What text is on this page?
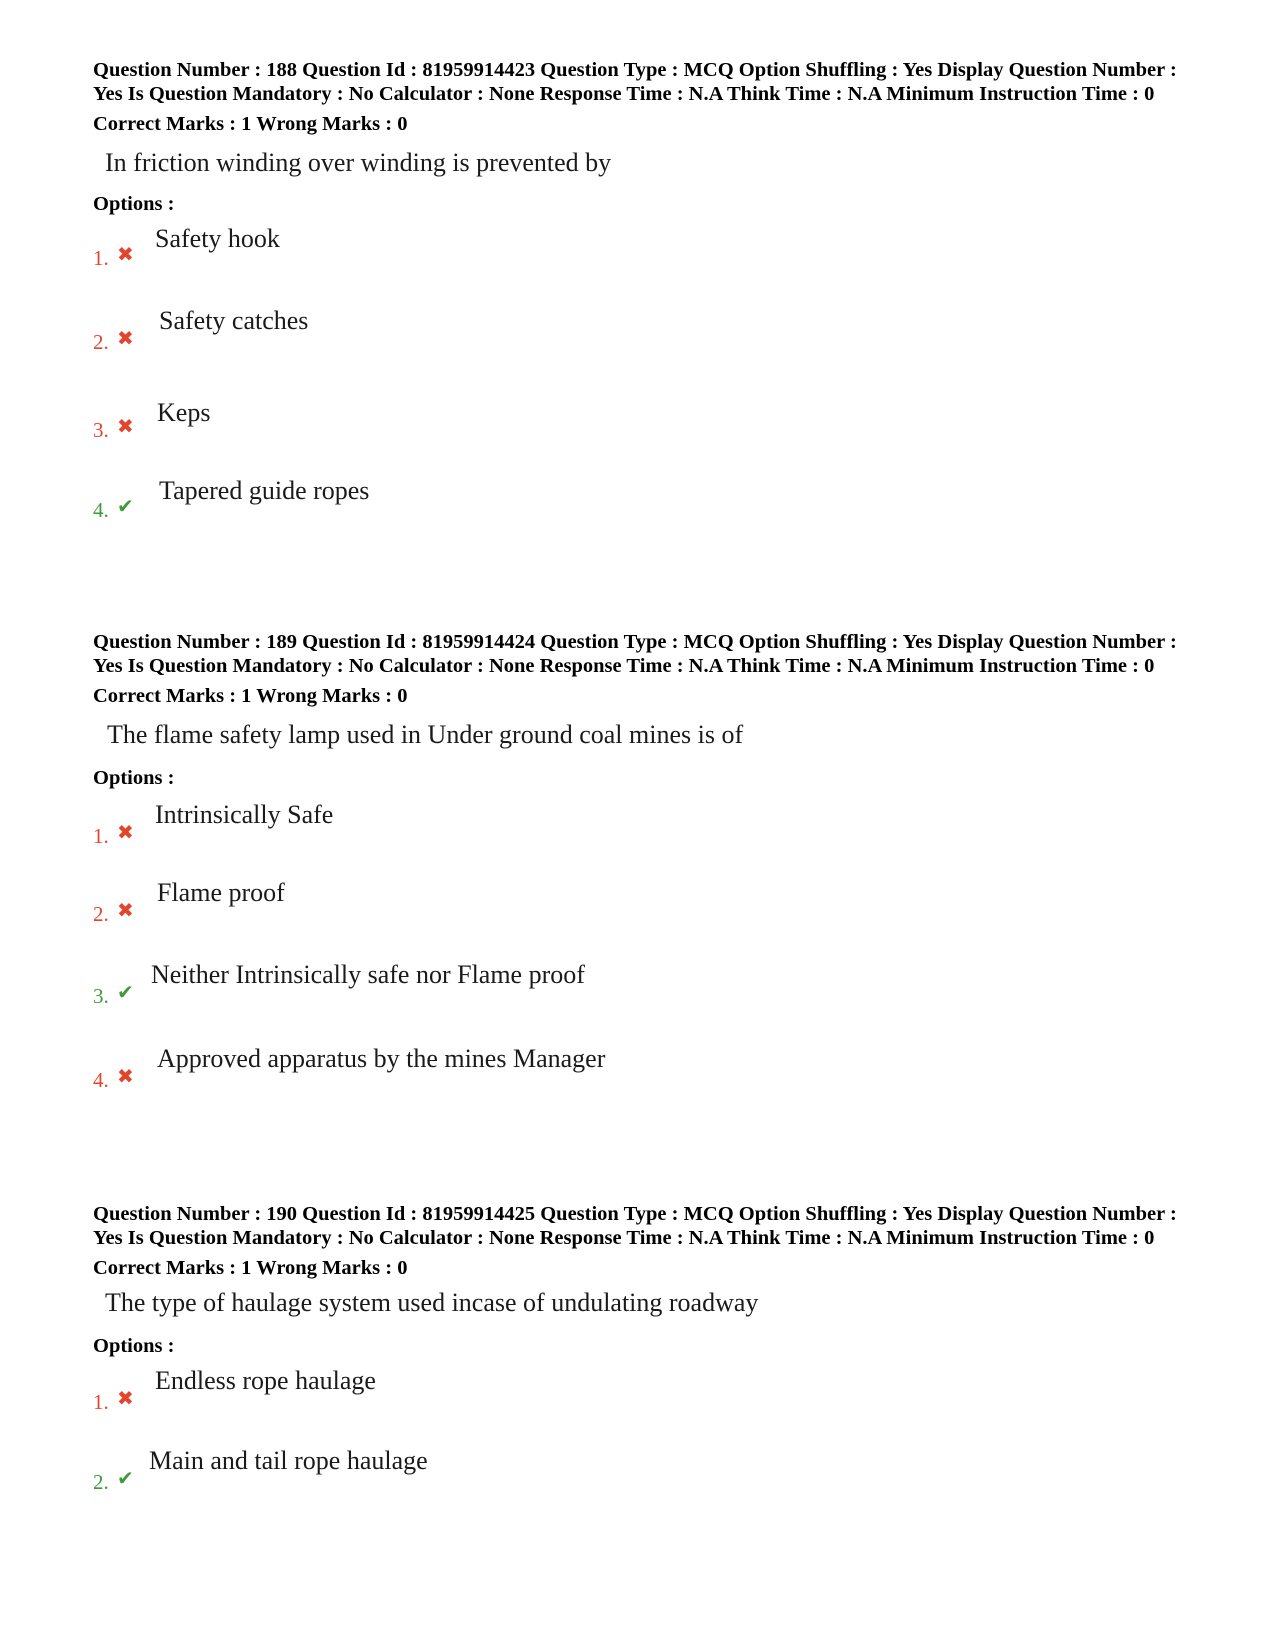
Question Number : 188 Question Id : 81959914423 Question Type : MCQ Option Shuffling : Yes Display Question Number : Yes Is Question Mandatory : No Calculator : None Response Time : N.A Think Time : N.A Minimum Instruction Time : 0

Correct Marks : 1 Wrong Marks : 0
In friction winding over winding is prevented by
Options :
1. ✖
Safety hook
2. ✖
Safety catches
3. ✖ Keps
4. ✔
Tapered guide ropes

Question Number : 189 Question Id : 81959914424 Question Type : MCQ Option Shuffling : Yes Display Question Number : Yes Is Question Mandatory : No Calculator : None Response Time : N.A Think Time : N.A Minimum Instruction Time : 0

Correct Marks : 1 Wrong Marks : 0
The flame safety lamp used in Under ground coal mines is of
Options :
1. ✖
Intrinsically Safe
2. ✖
Flame proof
3. ✔
Neither Intrinsically safe nor Flame proof
4. ✖
Approved apparatus by the mines Manager

Question Number : 190 Question Id : 81959914425 Question Type : MCQ Option Shuffling : Yes Display Question Number : Yes Is Question Mandatory : No Calculator : None Response Time : N.A Think Time : N.A Minimum Instruction Time : 0

Correct Marks : 1 Wrong Marks : 0
The type of haulage system used incase of undulating roadway
Options :
1. ✖
Endless rope haulage
2. ✔
Main and tail rope haulage
